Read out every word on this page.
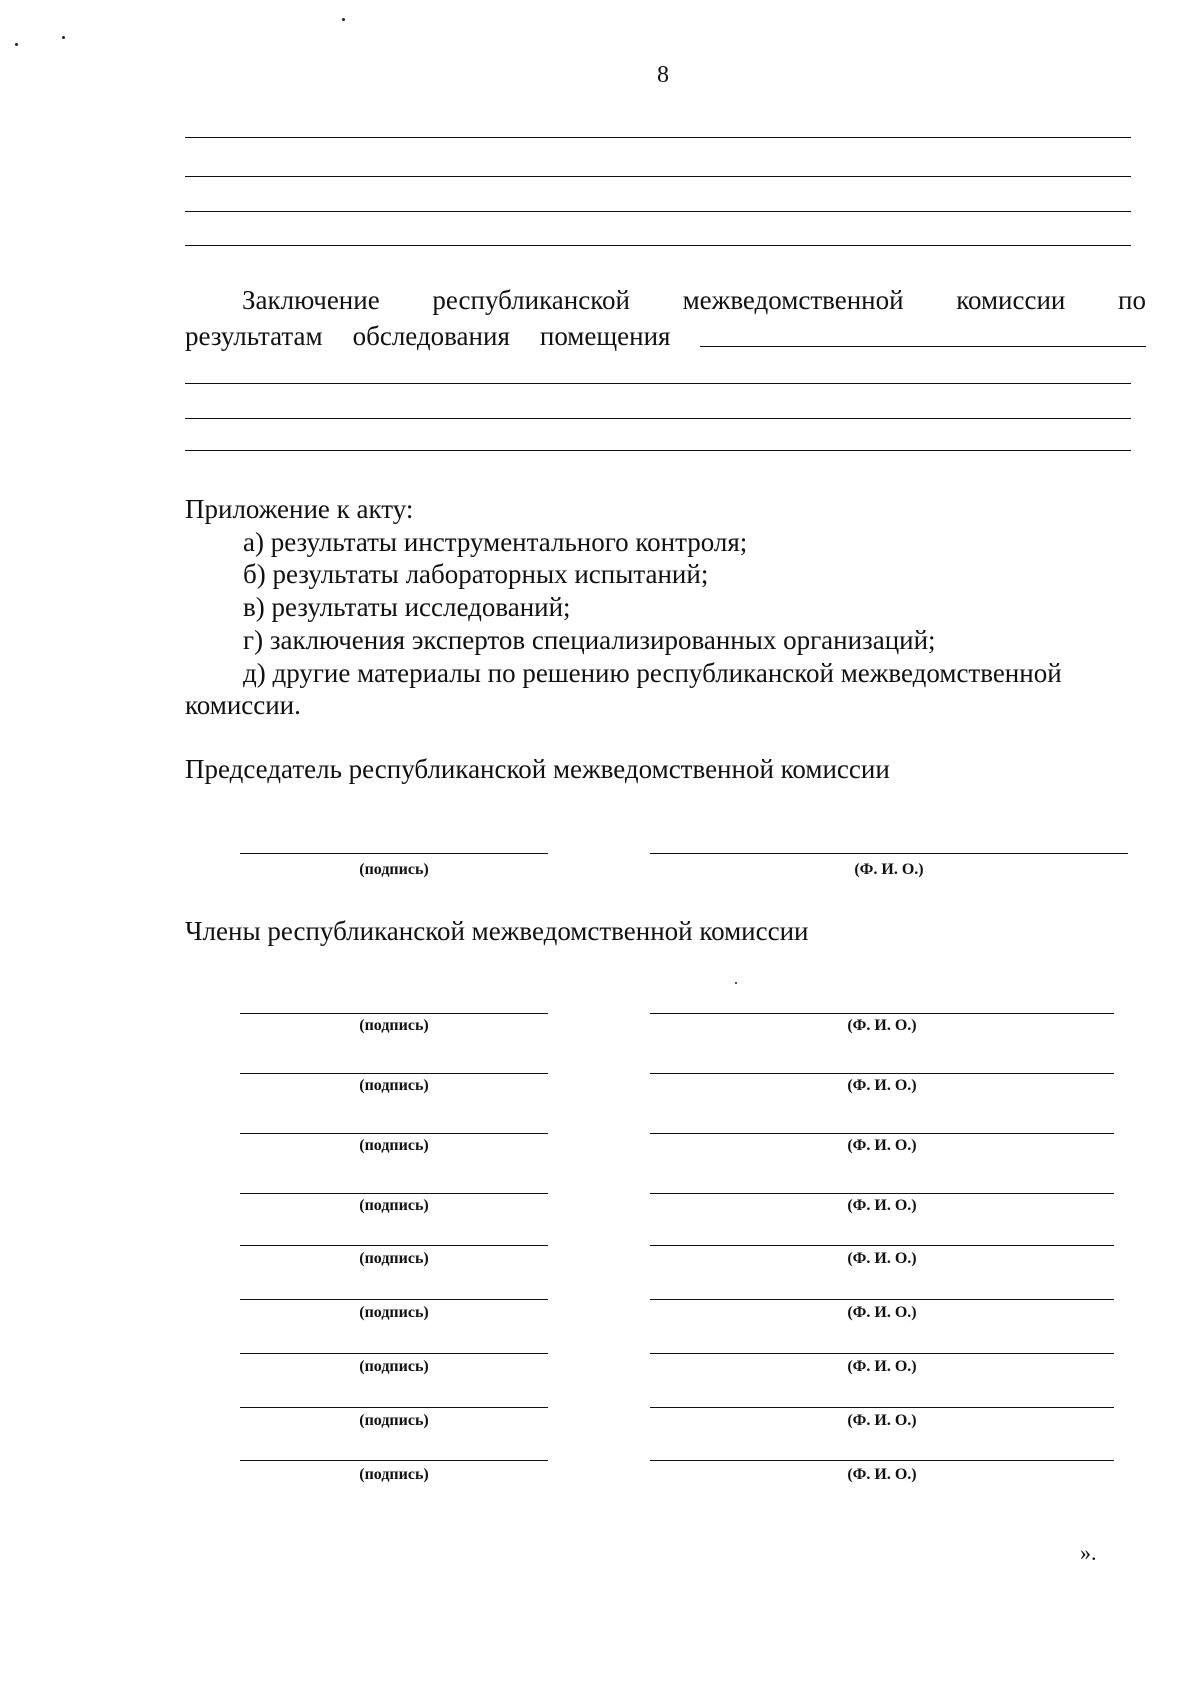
8
Заключение республиканской межведомственной комиссии по
результатам обследования помещения
Приложение к акту:
а) результаты инструментального контроля;
б) результаты лабораторных испытаний;
в) результаты исследований;
г) заключения экспертов специализированных организаций;
д) другие материалы по решению республиканской межведомственной
комиссии.
Председатель республиканской межведомственной комиссии
(подпись)	(Ф. И. О.)
Члены республиканской межведомственной комиссии
(подпись)	(Ф. И. О.)
(подпись)	(Ф. И. О.)
(подпись)	(Ф. И. О.)
(подпись)	(Ф. И. О.)
(подпись)	(Ф. И. О.)
(подпись)	(Ф. И. О.)
(подпись)	(Ф. И. О.)
(подпись)	(Ф. И. О.)
(подпись)	(Ф. И. О.)
».
